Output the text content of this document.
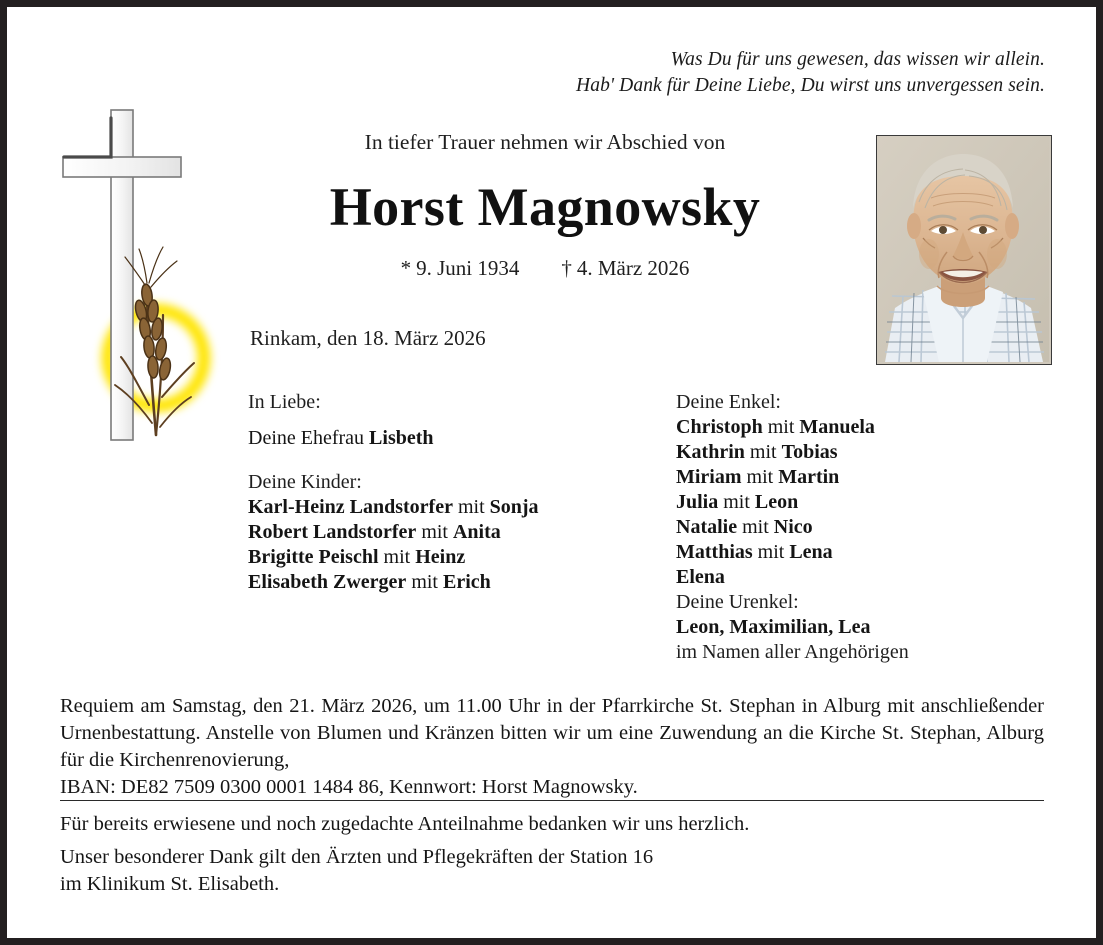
Was Du für uns gewesen, das wissen wir allein.
Hab' Dank für Deine Liebe, Du wirst uns unvergessen sein.
In tiefer Trauer nehmen wir Abschied von
Horst Magnowsky
* 9. Juni 1934 † 4. März 2026
Rinkam, den 18. März 2026
In Liebe:
Deine Ehefrau Lisbeth
Deine Kinder:
Karl-Heinz Landstorfer mit Sonja
Robert Landstorfer mit Anita
Brigitte Peischl mit Heinz
Elisabeth Zwerger mit Erich
Deine Enkel:
Christoph mit Manuela
Kathrin mit Tobias
Miriam mit Martin
Julia mit Leon
Natalie mit Nico
Matthias mit Lena
Elena
Deine Urenkel:
Leon, Maximilian, Lea
im Namen aller Angehörigen
Requiem am Samstag, den 21. März 2026, um 11.00 Uhr in der Pfarrkirche St. Stephan in Alburg mit anschließender Urnenbestattung. Anstelle von Blumen und Kränzen bitten wir um eine Zuwendung an die Kirche St. Stephan, Alburg für die Kirchenrenovierung,
IBAN: DE82 7509 0300 0001 1484 86, Kennwort: Horst Magnowsky.
Für bereits erwiesene und noch zugedachte Anteilnahme bedanken wir uns herzlich.
Unser besonderer Dank gilt den Ärzten und Pflegekräften der Station 16
im Klinikum St. Elisabeth.
